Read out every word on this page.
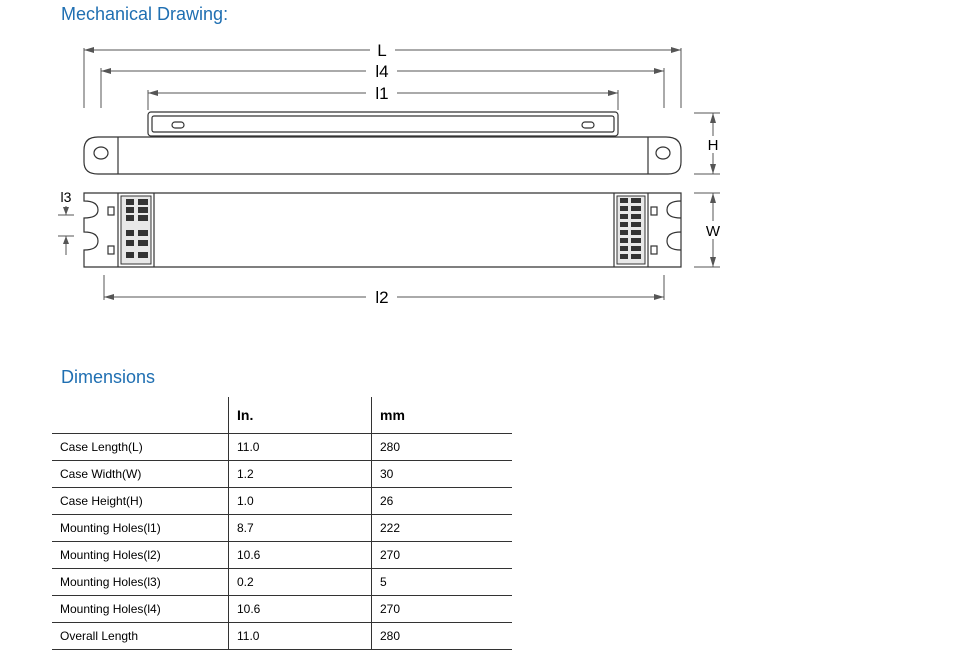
Mechanical Drawing:
L
l4
l1
l2
l3
H
W
Dimensions
	In.	mm
Case Length(L)	11.0	280
Case Width(W)	1.2	30
Case Height(H)	1.0	26
Mounting Holes(l1)	8.7	222
Mounting Holes(l2)	10.6	270
Mounting Holes(l3)	0.2	5
Mounting Holes(l4)	10.6	270
Overall Length	11.0	280
